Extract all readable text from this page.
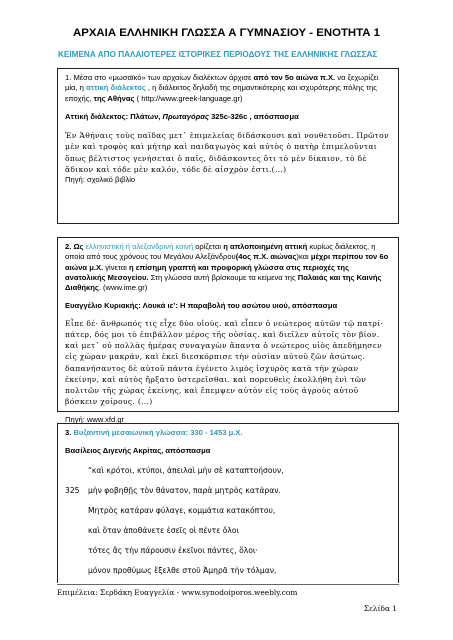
ΑΡΧΑΙΑ ΕΛΛΗΝΙΚΗ ΓΛΩΣΣΑ Α ΓΥΜΝΑΣΙΟΥ - ΕΝΟΤΗΤΑ 1
ΚΕΙΜΕΝΑ ΑΠΟ ΠΑΛΑΙΟΤΕΡΕΣ ΙΣΤΟΡΙΚΕΣ ΠΕΡΙΟΔΟΥΣ ΤΗΣ ΕΛΛΗΝΙΚΗΣ ΓΛΩΣΣΑΣ

1. Μέσα στο «μωσαϊκό» των αρχαίων διαλέκτων άρχισε από τον 5ο αιώνα π.Χ. να ξεχωρίζει μία, η αττική διάλεκτος , η διάλεκτος δηλαδή της σημαντικότερης και ισχυρότερης πόλης της εποχής, της Αθήνας ( http://www.greek-language.gr)

Αττική διάλεκτος: Πλάτων, Πρωταγόρας 325c-326c , απόσπασμα

Ἐν Ἀθήναις τοὺς παῖδας μετ᾽ ἐπιμελείας διδάσκουσι καὶ νουθετοῦσι. Πρῶτον μὲν καὶ τροφὸς καὶ μήτηρ καὶ παιδαγωγὸς καὶ αὐτὸς ὁ πατὴρ ἐπιμελοῦνται ὅπως βέλτιστος γενήσεται ὁ παῖς, διδάσκοντες ὅτι τὸ μὲν δίκαιον, τὸ δὲ ἄδικον καὶ τόδε μὲν καλόν, τόδε δὲ αἰσχρὸν ἐστι.(...)

Πηγή: σχολικό βιβλίο

2. Ως ελληνιστική ή αλεξανδρινή κοινή ορίζεται η απλοποιημένη αττική κυρίως διάλεκτος, η οποία από τους χρόνους του Μεγάλου Αλεξάνδρου(4ος π.Χ. αιώνας)και μέχρι περίπου τον 6ο αιώνα μ.Χ. γίνεται η επίσημη γραπτή και προφορική γλώσσα στις περιοχές της ανατολικής Μεσογείου. Στη γλώσσα αυτή βρίσκουμε τα κείμενα της Παλαιάς και της Καινής Διαθήκης. (www.ime.gr)

Ευαγγέλιο Κυριακής: Λουκά ιε’: Η παραβολή του ασώτου υιού, απόσπασμα

Εἶπε δέ· ἄνθρωπός τις εἶχε δύο υἱούς. καὶ εἶπεν ὁ νεώτερος αὐτῶν τῷ πατρί· πάτερ, δός μοι τὸ ἐπιβάλλον μέρος τῆς οὐσίας. καὶ διεῖλεν αὐτοῖς τὸν βίον. καὶ μετ᾿ οὐ πολλὰς ἡμέρας συναγαγὼν ἅπαντα ὁ νεώτερος υἱὸς ἀπεδήμησεν εἰς χώραν μακράν, καὶ ἐκεῖ διεσκόρπισε τὴν οὐσίαν αὐτοῦ ζῶν ἀσώτως. δαπανήσαντος δὲ αὐτοῦ πάντα ἐγένετο λιμὸς ἰσχυρὸς κατὰ τὴν χώραν ἐκείνην, καὶ αὐτὸς ἤρξατο ὑστερεῖσθαι. καὶ πορευθεὶς ἐκολλήθη ἑνὶ τῶν πολιτῶν τῆς χώρας ἐκείνης, καὶ ἔπεμψεν αὐτὸν εἰς τοὺς ἀγροὺς αὐτοῦ βόσκειν χοίρους. (...)

Πηγή: www.xfd.gr

3. Βυζαντινή μεσαιωνική γλώσσα: 330 - 1453 μ.Χ.

Βασίλειος Διγενής Ακρίτας, απόσπασμα

“καὶ κρότοι, κτύποι, ἀπειλαὶ μὴν σὲ καταπτοήσουν,
325 μὴν φοβηθῇς τὸν θάνατον, παρὰ μητρὸς κατάραν.
Μητρὸς κατάραν φύλαγε, κομμάτια κατακόπτου,
καὶ ὅταν ἀποθάνετε ἐσεῖς οἱ πέντε ὅλοι
τότες ἂς τὴν πάρουσιν ἐκεῖνοι πάντες, ὅλοι·
μόνον προθύμως ἔξελθε στοῦ Ἀμηρᾶ τὴν τόλμαν,
Επιμέλεια: Σερδάκη Ευαγγελία - www.synodoiporos.weebly.com
Σελίδα 1
